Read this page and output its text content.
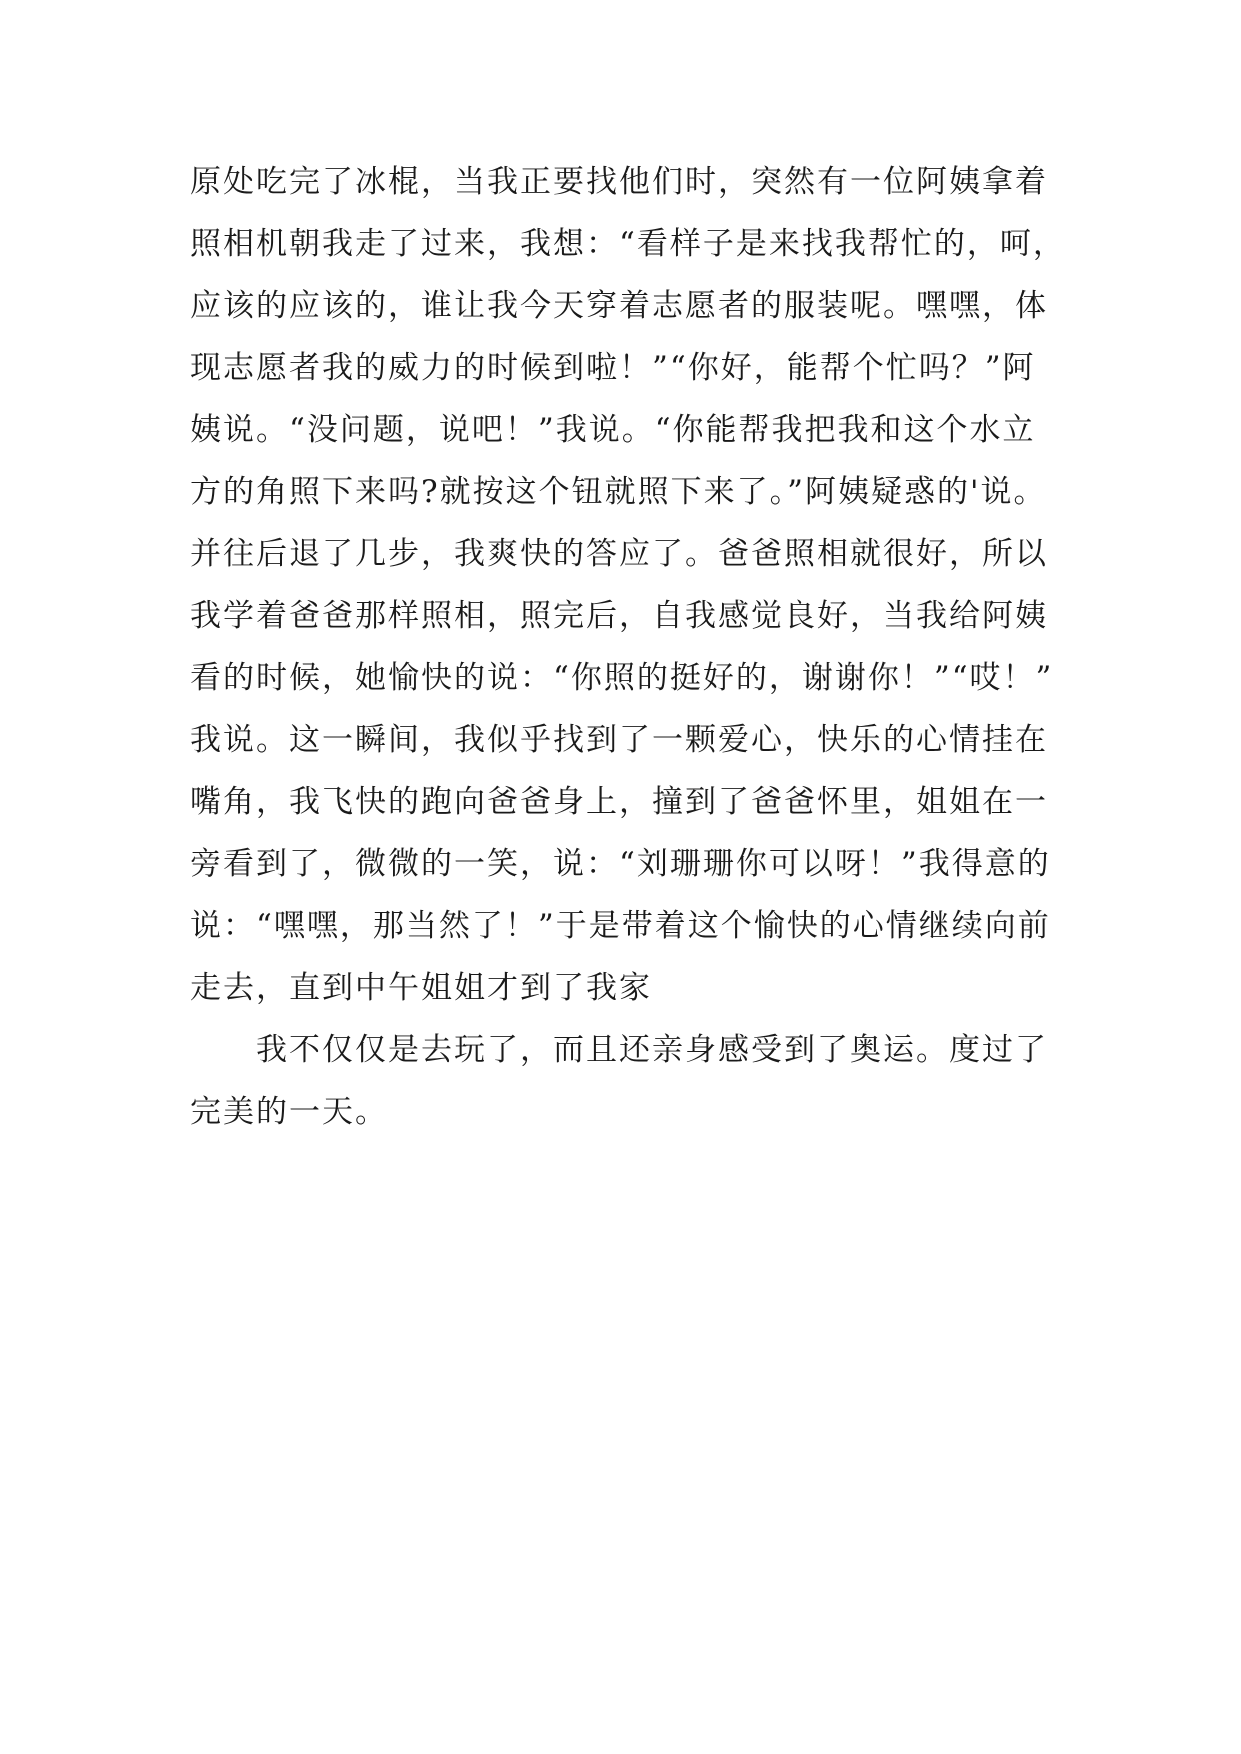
原处吃完了冰棍，当我正要找他们时，突然有一位阿姨拿着
照相机朝我走了过来，我想：“看样子是来找我帮忙的，呵，
应该的应该的，谁让我今天穿着志愿者的服装呢。嘿嘿，体
现志愿者我的威力的时候到啦！”“你好，能帮个忙吗？”阿
姨说。“没问题，说吧！”我说。“你能帮我把我和这个水立
方的角照下来吗?就按这个钮就照下来了。”阿姨疑惑的'说。
并往后退了几步，我爽快的答应了。爸爸照相就很好，所以
我学着爸爸那样照相，照完后，自我感觉良好，当我给阿姨
看的时候，她愉快的说：“你照的挺好的，谢谢你！”“哎！”
我说。这一瞬间，我似乎找到了一颗爱心，快乐的心情挂在
嘴角，我飞快的跑向爸爸身上，撞到了爸爸怀里，姐姐在一
旁看到了，微微的一笑，说：“刘珊珊你可以呀！”我得意的
说：“嘿嘿，那当然了！”于是带着这个愉快的心情继续向前
走去，直到中午姐姐才到了我家
我不仅仅是去玩了，而且还亲身感受到了奥运。度过了
完美的一天。
